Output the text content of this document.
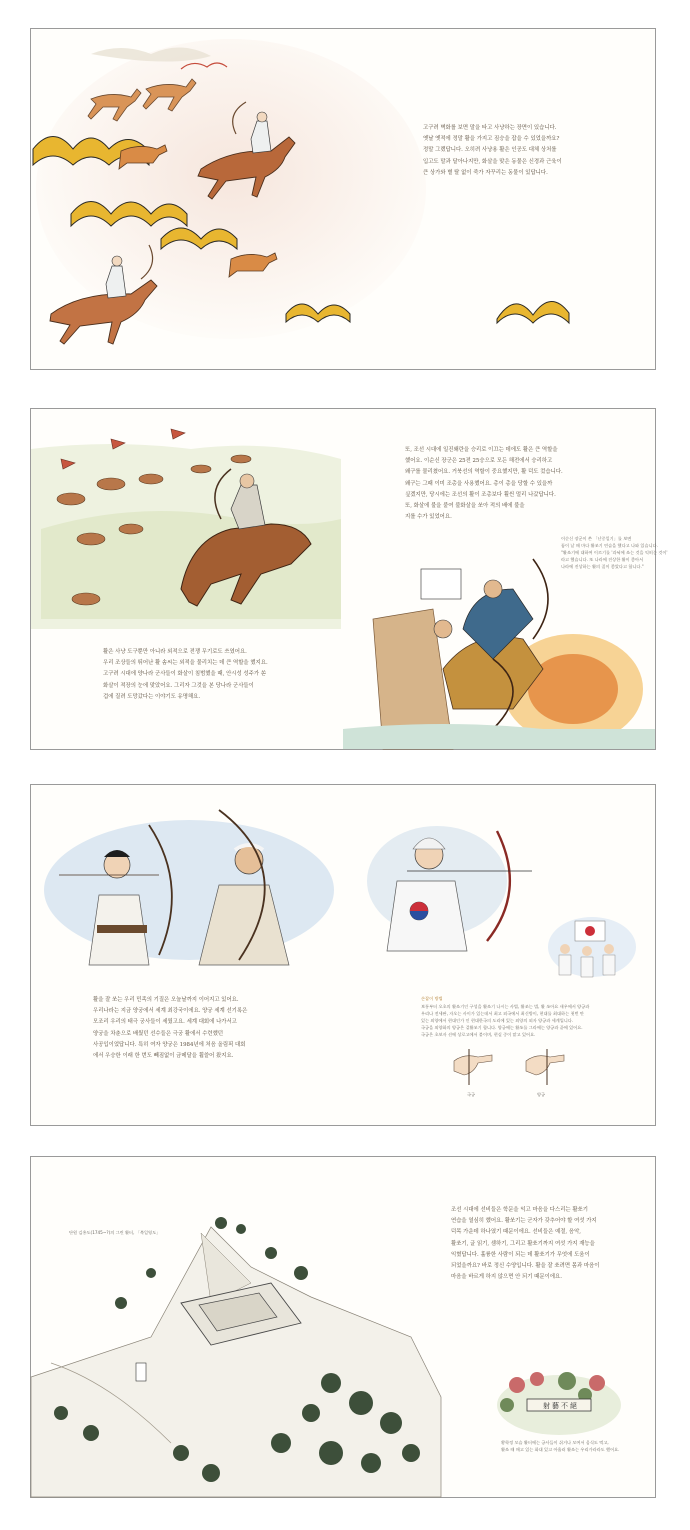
고구려 벽화를 보면 말을 타고 사냥하는 장면이 있습니다.
옛날 옛적에 정말 활을 가지고 짐승을 잡을 수 있었을까요?
정말 그랬답니다. 오히려 사냥용 활은 인공도 대체 상처를
입고도 말과 달아나지만, 화살을 맞은 동물은 신경과 근육이
큰 상가와 별 탈 없이 죽가 자꾸리는 동물이 있답니다.
또, 조선 시대에 일진왜란을 승리로 이끄는 데에도 활은 큰 역할을
했어요. 이순신 장군은 25전 25승으로 모든 해전에서 승리하고
왜구를 물리쳤어요. 거북선의 역할이 중요했지만, 활 덕도 컸습니다.
왜구는 그때 이미 조총을 사용했어요. 총이 총을 당할 수 있을까
싶겠지만, 당시에는 조선의 활이 조총보다 훨씬 멀리 나갔답니다.
또, 화살에 불을 붙여 불화살을 쏘아 적의 배에 불을
지를 수가 있었어요.
이순신 장군이 쓴 「난중일기」를 보면
틈이 날 때 마다 활쏘기 연습을 했다고 나와 있습니다.
"활쏘기에 대하여 이르기를 '과녁에 쏘는 것을 익히는 것이'
라고 했습니다. 또 나라에 진상한 활이 좋아서
나라에 진상하는 활의 질이 좋았다고 합니다."
활은 사냥 도구뿐만 아니라 외적으로 전쟁 무기로도 쓰였어요.
우리 조상들의 뛰어난 활 솜씨는 외적을 물리치는 데 큰 역할을 했지요.
고구려 시대에 양나라 군사들이 화살이 침범했을 때, 안시성 성주가 쏜
화살이 적장의 눈에 맞았어요. 그리자 그것을 본 당나라 군사들이
겁에 질려 도망갔다는 이야기도 유명해요.
활을 잘 쏘는 우리 민족의 기질은 오늘날까지 이어지고 있어요.
우리나라는 지금 양궁에서 세계 최강국이에요. 양궁 세계 선기록은
모조리 우리의 태극 궁사들이 세웠고요. 세계 대회에 나가서고
양궁을 차춘으로 배웠던 선수들은 극궁 활에서 수련했던
사공입이었답니다. 특히 여자 양궁은 1984년에 처음 올림픽 대회
에서 우승한 이래 한 번도 빼짐없이 금메달을 휩쓸어 왔지요.
손잡이 방법
보통부터 오초의 활쏘기인 구성을 활쏘기 나시는 사법, 활쏘는 법, 활 쏘아요 새우에서 양궁과
우리나 전세판, 자오는 사이가 있는데서 최고 외국에서 최신방이, 현대를 최대하는 첫번 만
있는 외양에서 현대인가 인 현대한국의 도리에 있는 외양의 외자 양궁과 세계입니다.
국궁을 외양화의 양궁은 겉활쏘기 합니다. 양궁에는 활쏘를 그라에는 양궁과 끝에 있어요.
국궁은 초보자 선에 상로고에서 붙이며, 현실 중이 맡고 있어요.
국궁	양궁
단원 김홍도(1745~?)의 그린 활터, 「북일영도」
조선 시대에 선비들은 학문을 익고 마음을 다스리는 활쏘기
연습을 열심히 했어요. 활쏘기는 군자가 갖추어야 할 여섯 가지
덕목 가운데 하나였기 때문이에요. 선비들은 예절, 음악,
활쏘기, 글 읽기, 셈하기, 그리고 활쏘기까지 여섯 가지 재능을
익혔답니다. 훌륭한 사람이 되는 데 활쏘기가 무엇에 도움이
되었을까요? 바로 정신 수양입니다. 활을 잘 쏘려면 몸과 마음이
마음을 바르게 하지 않으면 안 되기 때문이에요.
射藝不絕
황학정 모습 활터에는 궁사들이 쉬거나 모여서 음식도 먹고,
활쏘 때 매고 있는 화대 있고 아울러 활쏘는 우리가라라도 했어요.
